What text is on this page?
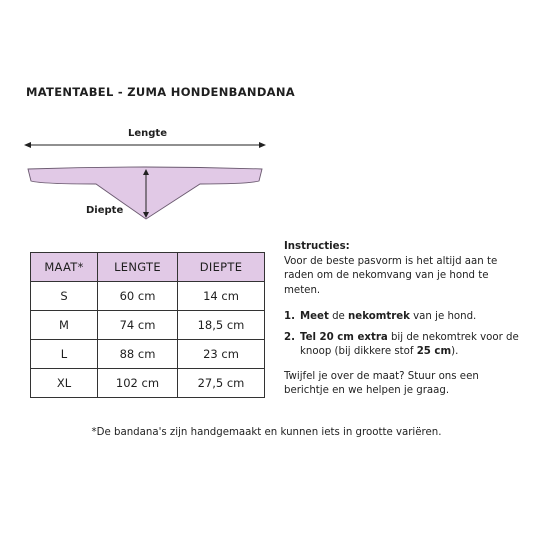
MATENTABEL - ZUMA HONDENBANDANA
Lengte
Diepte
MAAT*	LENGTE	DIEPTE
S	60 cm	14 cm
M	74 cm	18,5 cm
L	88 cm	23 cm
XL	102 cm	27,5 cm

Instructies:

Voor de beste pasvorm is het altijd aan te raden om de nekomvang van je hond te meten.

1. Meet de nekomtrek van je hond.
2. Tel 20 cm extra bij de nekomtrek voor de knoop (bij dikkere stof 25 cm).

Twijfel je over de maat? Stuur ons een berichtje en we helpen je graag.

*De bandana's zijn handgemaakt en kunnen iets in grootte variëren.
